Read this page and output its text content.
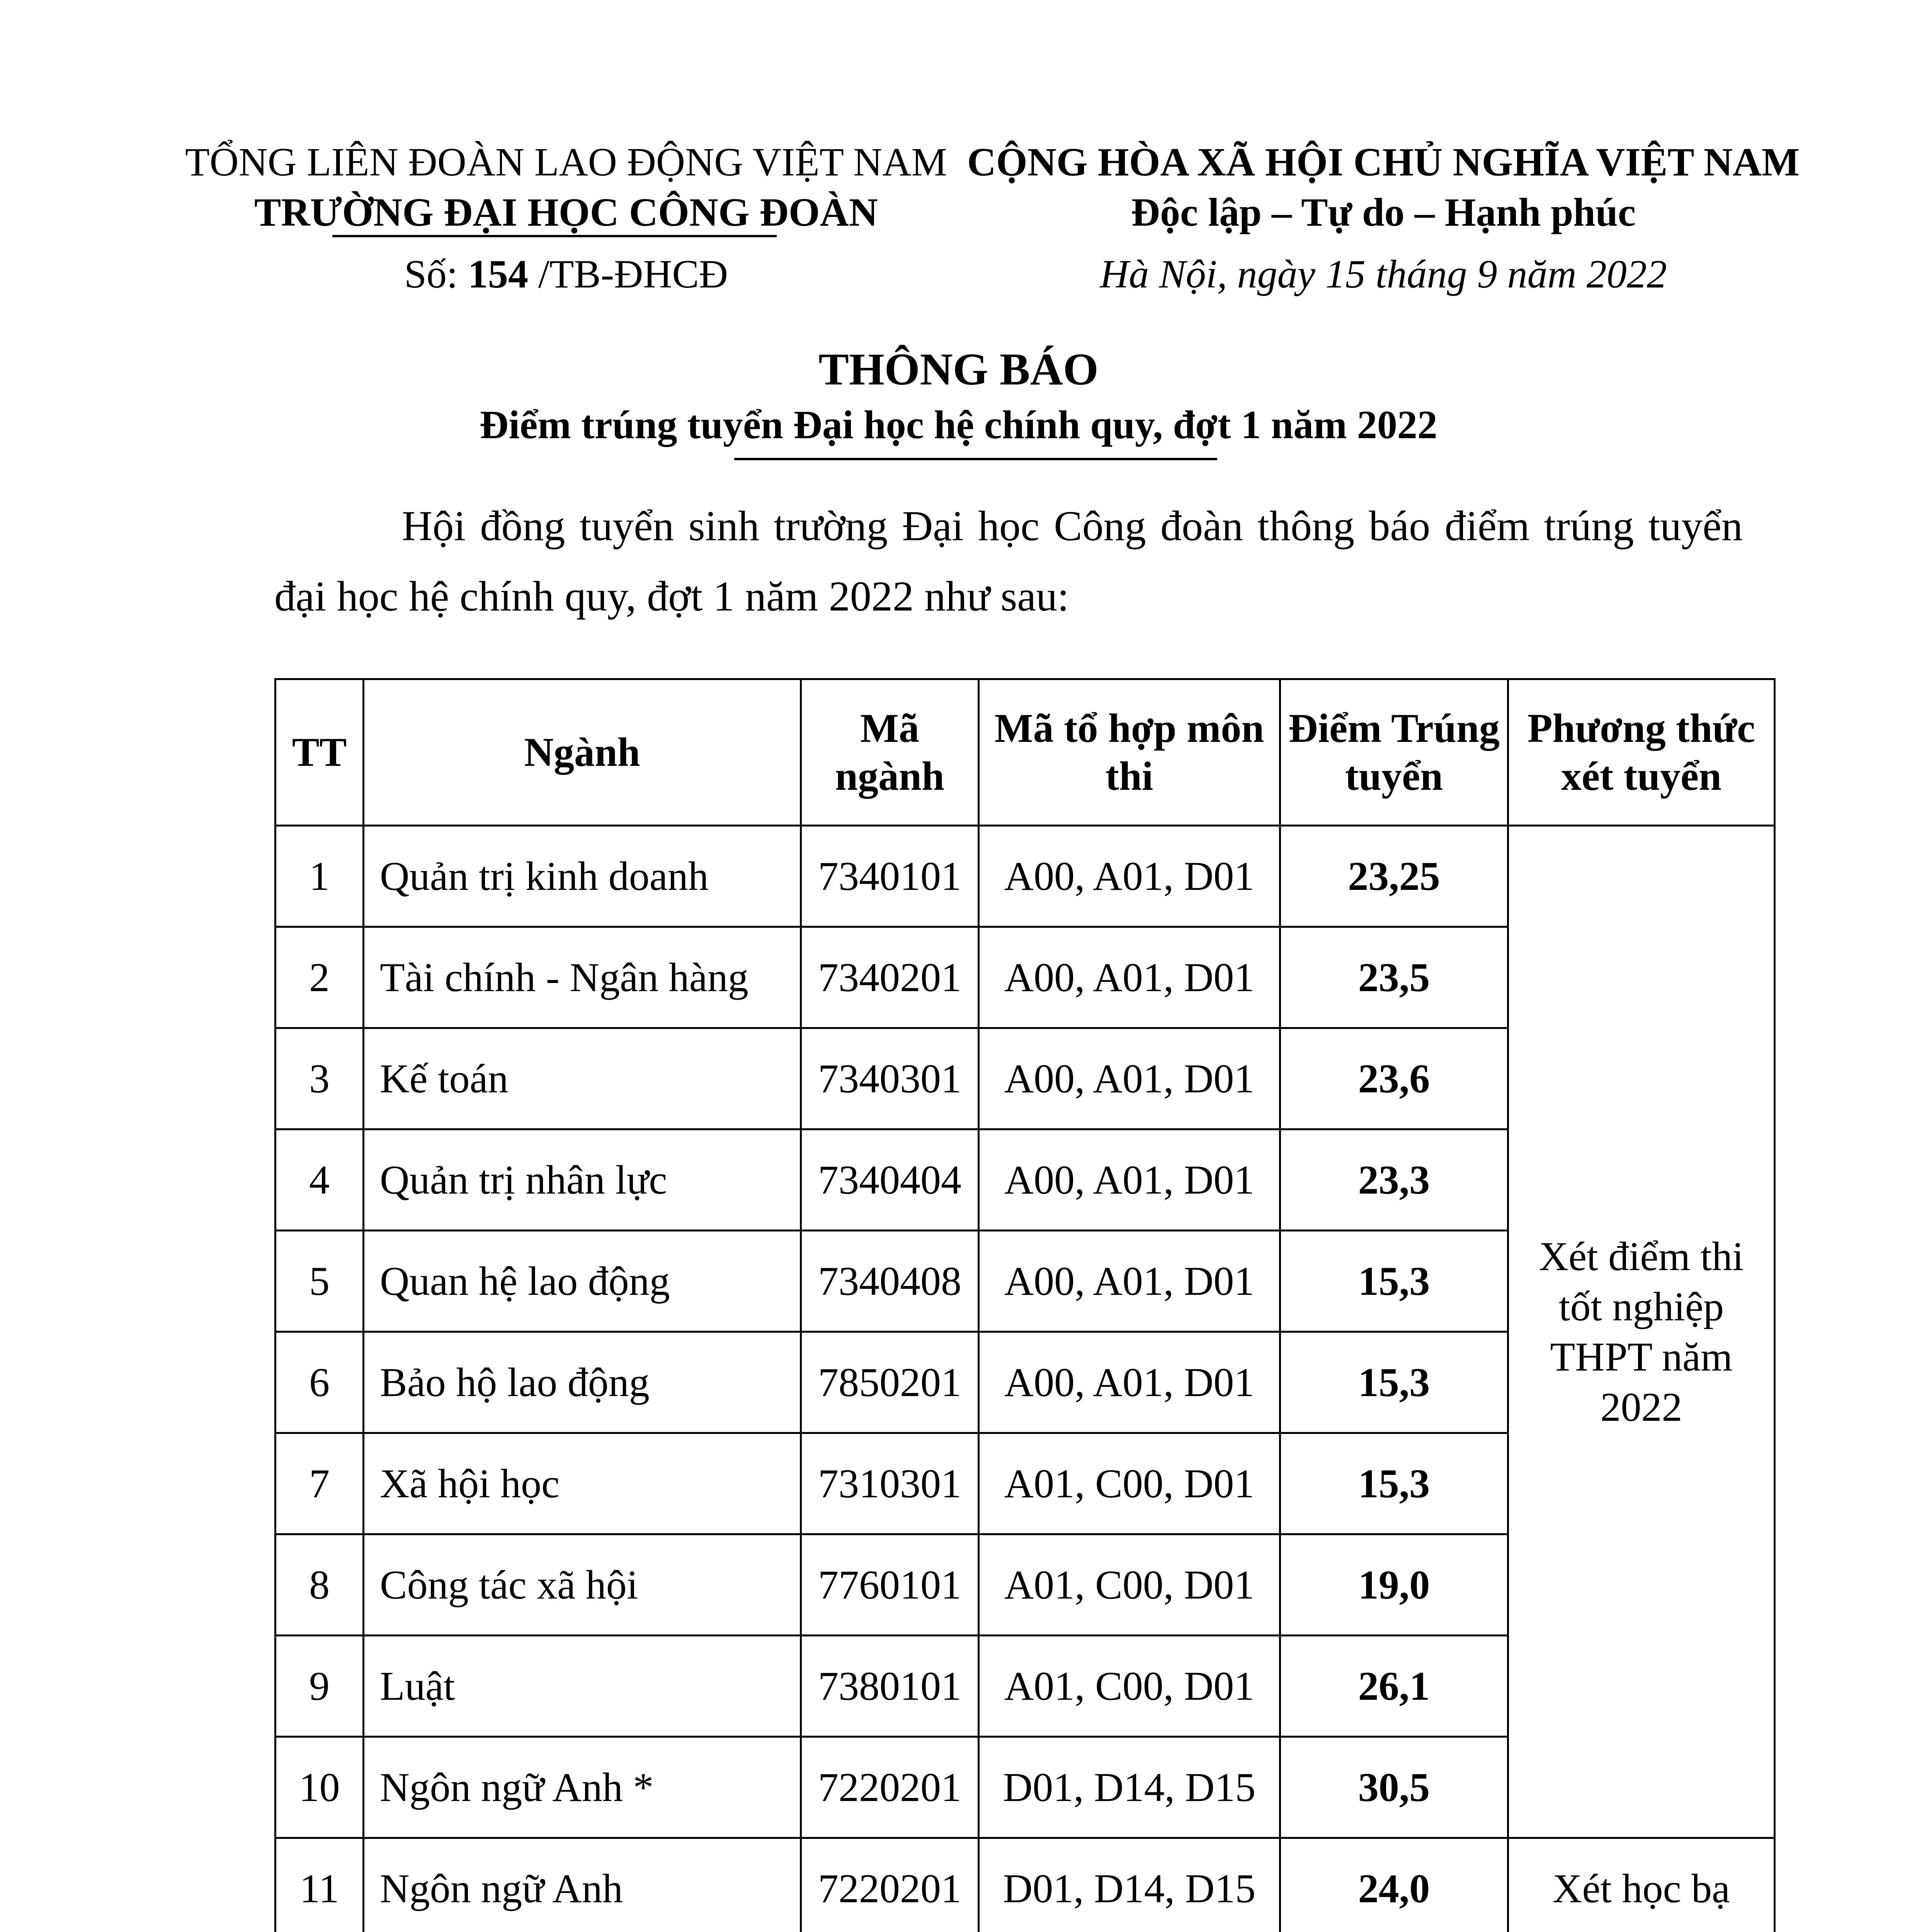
TỔNG LIÊN ĐOÀN LAO ĐỘNG VIỆT NAM
TRƯỜNG ĐẠI HỌC CÔNG ĐOÀN
Số: 154 /TB-ĐHCĐ
CỘNG HÒA XÃ HỘI CHỦ NGHĨA VIỆT NAM
Độc lập – Tự do – Hạnh phúc
Hà Nội, ngày 15 tháng 9 năm 2022
THÔNG BÁO
Điểm trúng tuyển Đại học hệ chính quy, đợt 1 năm 2022
Hội đồng tuyển sinh trường Đại học Công đoàn thông báo điểm trúng tuyển đại học hệ chính quy, đợt 1 năm 2022 như sau:
TT	Ngành	Mã ngành	Mã tổ hợp môn thi	Điểm Trúng tuyển	Phương thức xét tuyển
1	Quản trị kinh doanh	7340101	A00, A01, D01	23,25	Xét điểm thi tốt nghiệp THPT năm 2022
2	Tài chính - Ngân hàng	7340201	A00, A01, D01	23,5	
3	Kế toán	7340301	A00, A01, D01	23,6	
4	Quản trị nhân lực	7340404	A00, A01, D01	23,3	
5	Quan hệ lao động	7340408	A00, A01, D01	15,3	
6	Bảo hộ lao động	7850201	A00, A01, D01	15,3	
7	Xã hội học	7310301	A01, C00, D01	15,3	
8	Công tác xã hội	7760101	A01, C00, D01	19,0	
9	Luật	7380101	A01, C00, D01	26,1	
10	Ngôn ngữ Anh *	7220201	D01, D14, D15	30,5	
11	Ngôn ngữ Anh	7220201	D01, D14, D15	24,0	Xét học bạ
